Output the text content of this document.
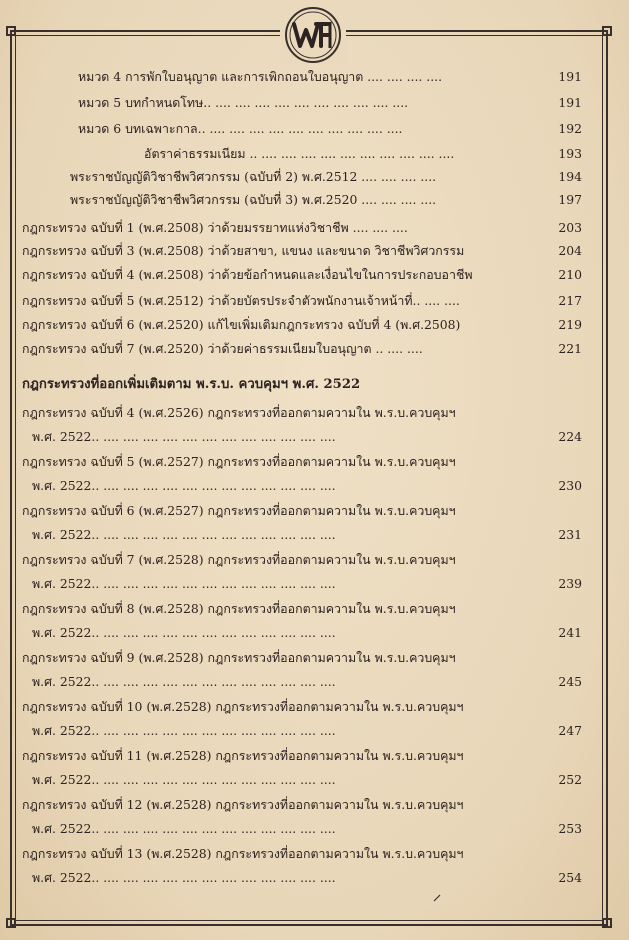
หมวด 4 การพักใบอนุญาต และการเพิกถอนใบอนุญาต .... .... .... ....	191
หมวด 5 บทกำหนดโทษ.. .... .... .... .... .... .... .... .... .... ....	191
หมวด 6 บทเฉพาะกาล.. .... .... .... .... .... .... .... .... .... ....	192
อัตราค่าธรรมเนียม .. .... .... .... .... .... .... .... .... .... ....	193
พระราชบัญญัติวิชาชีพวิศวกรรม (ฉบับที่ 2) พ.ศ.2512 .... .... .... ....	194
พระราชบัญญัติวิชาชีพวิศวกรรม (ฉบับที่ 3) พ.ศ.2520 .... .... .... ....	197
กฎกระทรวง ฉบับที่ 1 (พ.ศ.2508) ว่าด้วยมรรยาทแห่งวิชาชีพ .... .... ....	203
กฎกระทรวง ฉบับที่ 3 (พ.ศ.2508) ว่าด้วยสาขา, แขนง และขนาด วิชาชีพวิศวกรรม	204
กฎกระทรวง ฉบับที่ 4 (พ.ศ.2508) ว่าด้วยข้อกำหนดและเงื่อนไขในการประกอบอาชีพ	210
กฎกระทรวง ฉบับที่ 5 (พ.ศ.2512) ว่าด้วยบัตรประจำตัวพนักงานเจ้าหน้าที่.. .... ....	217
กฎกระทรวง ฉบับที่ 6 (พ.ศ.2520) แก้ไขเพิ่มเติมกฎกระทรวง ฉบับที่ 4 (พ.ศ.2508)	219
กฎกระทรวง ฉบับที่ 7 (พ.ศ.2520) ว่าด้วยค่าธรรมเนียมใบอนุญาต .. .... ....	221
กฎกระทรวงที่ออกเพิ่มเติมตาม พ.ร.บ. ควบคุมฯ พ.ศ. 2522
กฎกระทรวง ฉบับที่ 4 (พ.ศ.2526) กฎกระทรวงที่ออกตามความใน พ.ร.บ.ควบคุมฯ
พ.ศ. 2522.. .... .... .... .... .... .... .... .... .... .... .... ....	224
กฎกระทรวง ฉบับที่ 5 (พ.ศ.2527) กฎกระทรวงที่ออกตามความใน พ.ร.บ.ควบคุมฯ
พ.ศ. 2522.. .... .... .... .... .... .... .... .... .... .... .... ....	230
กฎกระทรวง ฉบับที่ 6 (พ.ศ.2527) กฎกระทรวงที่ออกตามความใน พ.ร.บ.ควบคุมฯ
พ.ศ. 2522.. .... .... .... .... .... .... .... .... .... .... .... ....	231
กฎกระทรวง ฉบับที่ 7 (พ.ศ.2528) กฎกระทรวงที่ออกตามความใน พ.ร.บ.ควบคุมฯ
พ.ศ. 2522.. .... .... .... .... .... .... .... .... .... .... .... ....	239
กฎกระทรวง ฉบับที่ 8 (พ.ศ.2528) กฎกระทรวงที่ออกตามความใน พ.ร.บ.ควบคุมฯ
พ.ศ. 2522.. .... .... .... .... .... .... .... .... .... .... .... ....	241
กฎกระทรวง ฉบับที่ 9 (พ.ศ.2528) กฎกระทรวงที่ออกตามความใน พ.ร.บ.ควบคุมฯ
พ.ศ. 2522.. .... .... .... .... .... .... .... .... .... .... .... ....	245
กฎกระทรวง ฉบับที่ 10 (พ.ศ.2528) กฎกระทรวงที่ออกตามความใน พ.ร.บ.ควบคุมฯ
พ.ศ. 2522.. .... .... .... .... .... .... .... .... .... .... .... ....	247
กฎกระทรวง ฉบับที่ 11 (พ.ศ.2528) กฎกระทรวงที่ออกตามความใน พ.ร.บ.ควบคุมฯ
พ.ศ. 2522.. .... .... .... .... .... .... .... .... .... .... .... ....	252
กฎกระทรวง ฉบับที่ 12 (พ.ศ.2528) กฎกระทรวงที่ออกตามความใน พ.ร.บ.ควบคุมฯ
พ.ศ. 2522.. .... .... .... .... .... .... .... .... .... .... .... ....	253
กฎกระทรวง ฉบับที่ 13 (พ.ศ.2528) กฎกระทรวงที่ออกตามความใน พ.ร.บ.ควบคุมฯ
พ.ศ. 2522.. .... .... .... .... .... .... .... .... .... .... .... ....	254
